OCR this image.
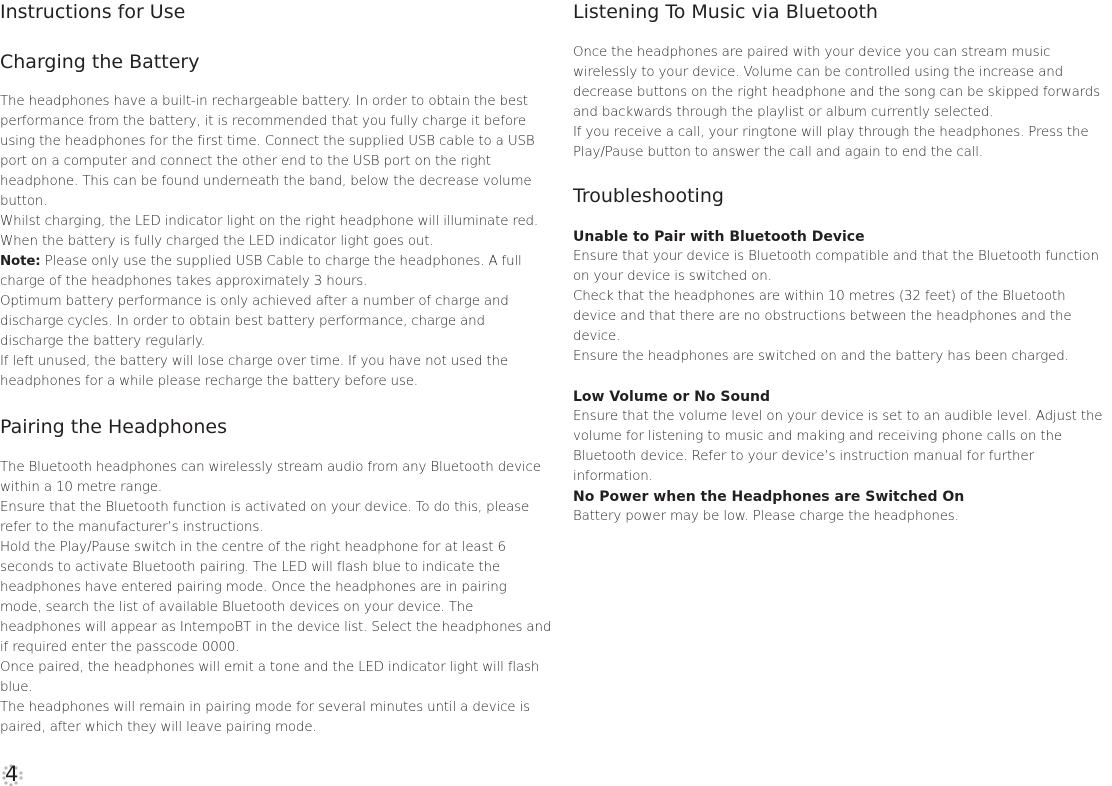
Instructions for Use
Charging the Battery

The headphones have a built-in rechargeable battery. In order to obtain the best performance from the battery, it is recommended that you fully charge it before using the headphones for the first time. Connect the supplied USB cable to a USB port on a computer and connect the other end to the USB port on the right headphone. This can be found underneath the band, below the decrease volume button.

Whilst charging, the LED indicator light on the right headphone will illuminate red. When the battery is fully charged the LED indicator light goes out.

Note: Please only use the supplied USB Cable to charge the headphones. A full charge of the headphones takes approximately 3 hours.

Optimum battery performance is only achieved after a number of charge and discharge cycles. In order to obtain best battery performance, charge and discharge the battery regularly.

If left unused, the battery will lose charge over time. If you have not used the headphones for a while please recharge the battery before use.

Pairing the Headphones

The Bluetooth headphones can wirelessly stream audio from any Bluetooth device within a 10 metre range.

Ensure that the Bluetooth function is activated on your device. To do this, please refer to the manufacturer’s instructions.

Hold the Play/Pause switch in the centre of the right headphone for at least 6 seconds to activate Bluetooth pairing. The LED will flash blue to indicate the headphones have entered pairing mode. Once the headphones are in pairing mode, search the list of available Bluetooth devices on your device. The headphones will appear as IntempoBT in the device list. Select the headphones and if required enter the passcode 0000.

Once paired, the headphones will emit a tone and the LED indicator light will flash blue.

The headphones will remain in pairing mode for several minutes until a device is paired, after which they will leave pairing mode.

Listening To Music via Bluetooth

Once the headphones are paired with your device you can stream music wirelessly to your device. Volume can be controlled using the increase and decrease buttons on the right headphone and the song can be skipped forwards and backwards through the playlist or album currently selected.

If you receive a call, your ringtone will play through the headphones. Press the Play/Pause button to answer the call and again to end the call.

Troubleshooting
Unable to Pair with Bluetooth Device

Ensure that your device is Bluetooth compatible and that the Bluetooth function on your device is switched on.

Check that the headphones are within 10 metres (32 feet) of the Bluetooth device and that there are no obstructions between the headphones and the device.

Ensure the headphones are switched on and the battery has been charged.

Low Volume or No Sound

Ensure that the volume level on your device is set to an audible level. Adjust the volume for listening to music and making and receiving phone calls on the Bluetooth device. Refer to your device’s instruction manual for further information.

No Power when the Headphones are Switched On

Battery power may be low. Please charge the headphones.

4
